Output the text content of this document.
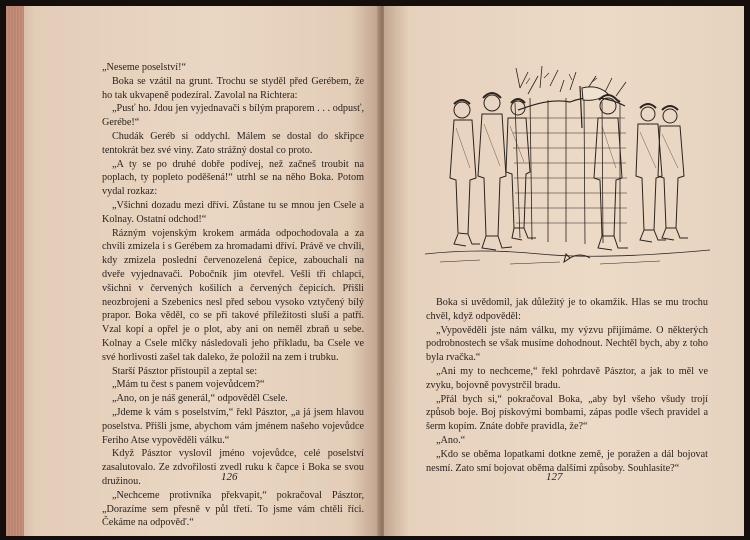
„Neseme poselství!“

Boka se vzátil na grunt. Trochu se styděl před Gerébem, že ho tak ukvapeně podezíral. Zavolal na Richtera:

„Pusť ho. Jdou jen vyjednavači s bílým praporem . . . odpusť, Gerébe!“

Chudák Geréb si oddychl. Málem se dostal do skřipce tentokrát bez své viny. Zato strážný dostal co proto.

„A ty se po druhé dobře podívej, než začneš troubit na poplach, ty popleto poděšená!“ utrhl se na něho Boka. Potom vydal rozkaz:

„Všichni dozadu mezi dříví. Zůstane tu se mnou jen Csele a Kolnay. Ostatní odchod!“

Rázným vojenským krokem armáda odpochodovala a za chvíli zmizela i s Gerébem za hromadami dříví. Právě ve chvíli, kdy zmizela poslední červenozelená čepice, zabouchali na dveře vyjednavači. Pobočník jim otevřel. Vešli tři chlapci, všichni v červených košilích a červených čepicích. Přišli neozbrojeni a Szebenics nesl před sebou vysoko vztyčený bílý prapor. Boka věděl, co se při takové příležitosti sluší a patří. Vzal kopí a opřel je o plot, aby ani on neměl zbraň u sebe. Kolnay a Csele mlčky následovali jeho příkladu, ba Csele ve své horlivosti zašel tak daleko, že položil na zem i trubku.

Starší Pásztor přistoupil a zeptal se:

„Mám tu čest s panem vojevůdcem?“

„Ano, on je náš generál,“ odpověděl Csele.

„Jdeme k vám s poselstvím,“ řekl Pásztor, „a já jsem hlavou poselstva. Přišli jsme, abychom vám jménem našeho vojevůdce Feriho Atse vypověděli válku.“

Když Pásztor vyslovil jméno vojevůdce, celé poselství zasalutovalo. Ze zdvořilosti zvedl ruku k čapce i Boka se svou družinou.

„Nechceme protivníka překvapit,“ pokračoval Pásztor, „Dorazíme sem přesně v půl třetí. To jsme vám chtěli říci. Čekáme na odpověď.“

126

Boka si uvědomil, jak důležitý je to okamžik. Hlas se mu trochu chvěl, když odpověděl:

„Vypověděli jste nám válku, my výzvu přijímáme. O některých podrobnostech se však musíme dohodnout. Nechtěl bych, aby z toho byla rvačka.“

„Ani my to nechceme,“ řekl pohrdavě Pásztor, a jak to měl ve zvyku, bojovně povystrčil bradu.

„Přál bych si,“ pokračoval Boka, „aby byl všeho všudy trojí způsob boje. Boj pískovými bombami, zápas podle všech pravidel a šerm kopím. Znáte dobře pravidla, že?“

„Ano.“

„Kdo se oběma lopatkami dotkne země, je poražen a dál bojovat nesmí. Zato smí bojovat oběma dalšími způsoby. Souhlasíte?“

127
